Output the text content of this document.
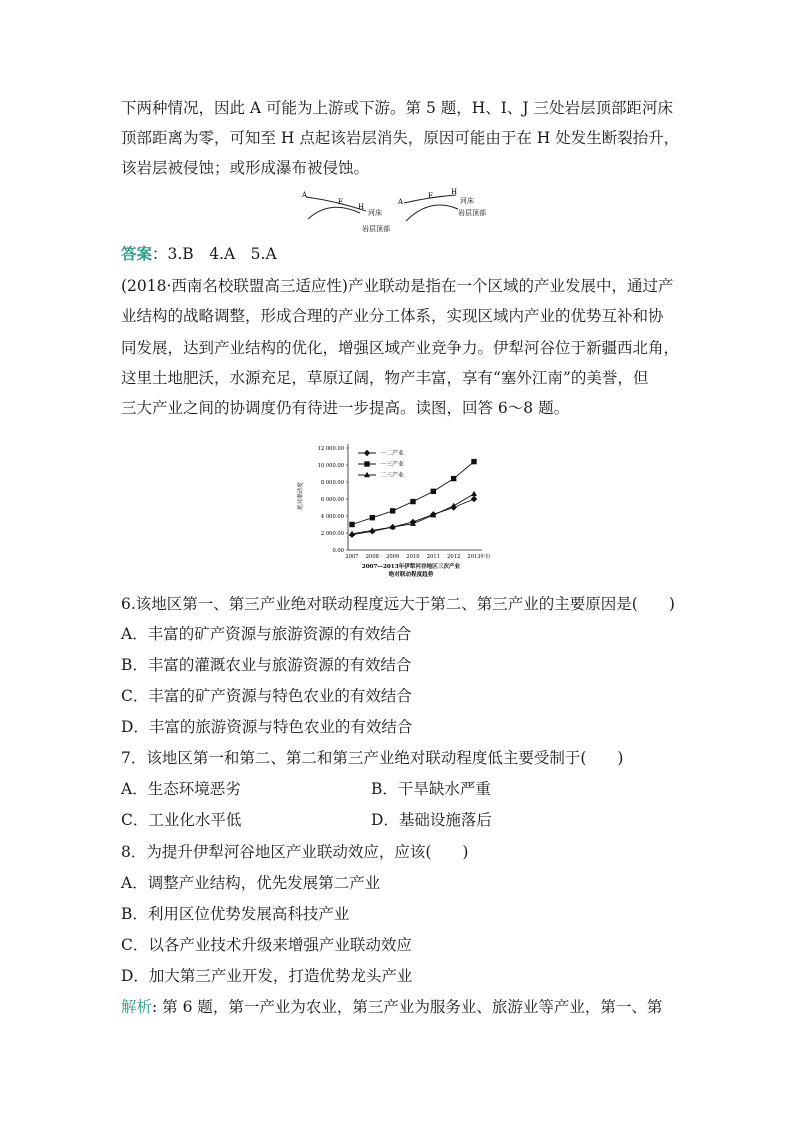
下两种情况，因此 A 可能为上游或下游。第 5 题，H、I、J 三处岩层顶部距河床
顶部距离为零，可知至 H 点起该岩层消失，原因可能由于在 H 处发生断裂抬升，
该岩层被侵蚀；或形成瀑布被侵蚀。
A
E
H
河床
岩层顶部
A
E	H
河床
岩层顶部
答案：3.B　4.A　5.A
(2018·西南名校联盟高三适应性)产业联动是指在一个区域的产业发展中，通过产
业结构的战略调整，形成合理的产业分工体系，实现区域内产业的优势互补和协
同发展，达到产业结构的优化，增强区域产业竞争力。伊犁河谷位于新疆西北角，
这里土地肥沃，水源充足，草原辽阔，物产丰富，享有“塞外江南”的美誉，但
三大产业之间的协调度仍有待进一步提高。读图，回答 6～8 题。
0.00
2 000.00
4 000.00
6 000.00
8 000.00
10 000.00
12 000.00
2007 2008 2009 2010 2011 2012 2013 年份
绝对联动度
一二产业
一三产业
二三产业
2007—2013年伊犁河谷地区三次产业
绝对联动程度趋势
6.该地区第一、第三产业绝对联动程度远大于第二、第三产业的主要原因是(　　)
A．丰富的矿产资源与旅游资源的有效结合
B．丰富的灌溉农业与旅游资源的有效结合
C．丰富的矿产资源与特色农业的有效结合
D．丰富的旅游资源与特色农业的有效结合
7．该地区第一和第二、第二和第三产业绝对联动程度低主要受制于(　　)
A．生态环境恶劣	B．干旱缺水严重
C．工业化水平低	D．基础设施落后
8．为提升伊犁河谷地区产业联动效应，应该(　　)
A．调整产业结构，优先发展第二产业
B．利用区位优势发展高科技产业
C．以各产业技术升级来增强产业联动效应
D．加大第三产业开发，打造优势龙头产业
解析: 第 6 题，第一产业为农业，第三产业为服务业、旅游业等产业，第一、第
